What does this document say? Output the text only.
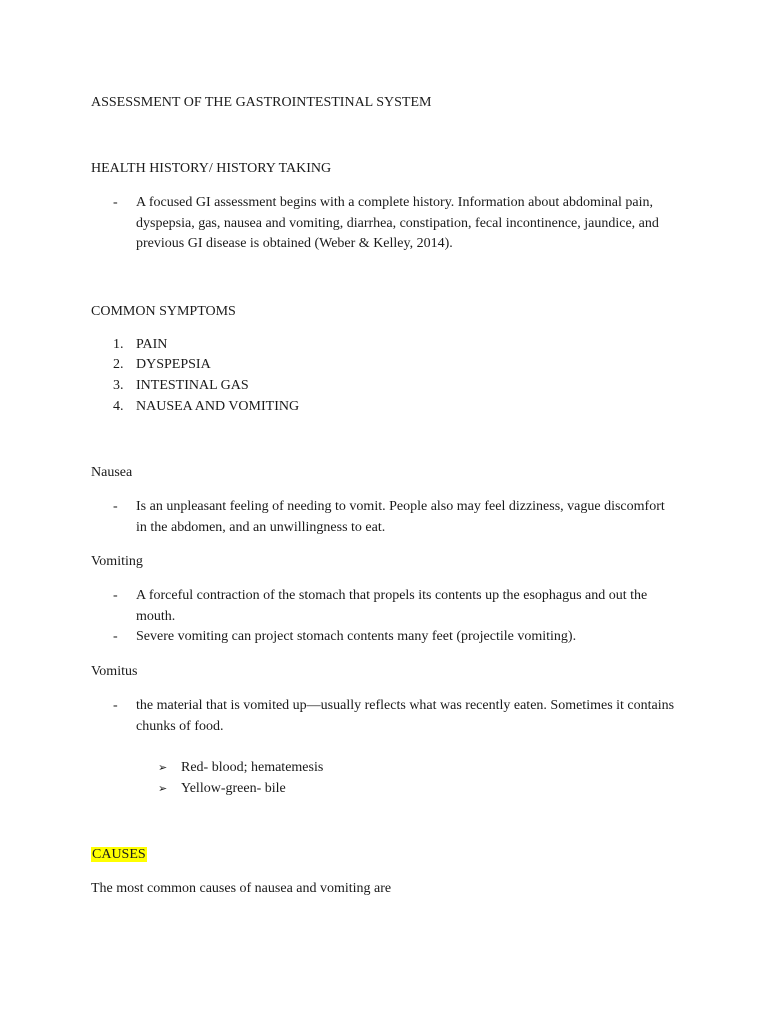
ASSESSMENT OF THE GASTROINTESTINAL SYSTEM
HEALTH HISTORY/ HISTORY TAKING
- A focused GI assessment begins with a complete history. Information about abdominal pain, dyspepsia, gas, nausea and vomiting, diarrhea, constipation, fecal incontinence, jaundice, and previous GI disease is obtained (Weber & Kelley, 2014).
COMMON SYMPTOMS
1. PAIN
2. DYSPEPSIA
3. INTESTINAL GAS
4. NAUSEA AND VOMITING
Nausea
- Is an unpleasant feeling of needing to vomit. People also may feel dizziness, vague discomfort in the abdomen, and an unwillingness to eat.
Vomiting
- A forceful contraction of the stomach that propels its contents up the esophagus and out the mouth.
- Severe vomiting can project stomach contents many feet (projectile vomiting).
Vomitus
- the material that is vomited up—usually reflects what was recently eaten. Sometimes it contains chunks of food.
➢ Red- blood; hematemesis
➢ Yellow-green- bile
CAUSES
The most common causes of nausea and vomiting are
